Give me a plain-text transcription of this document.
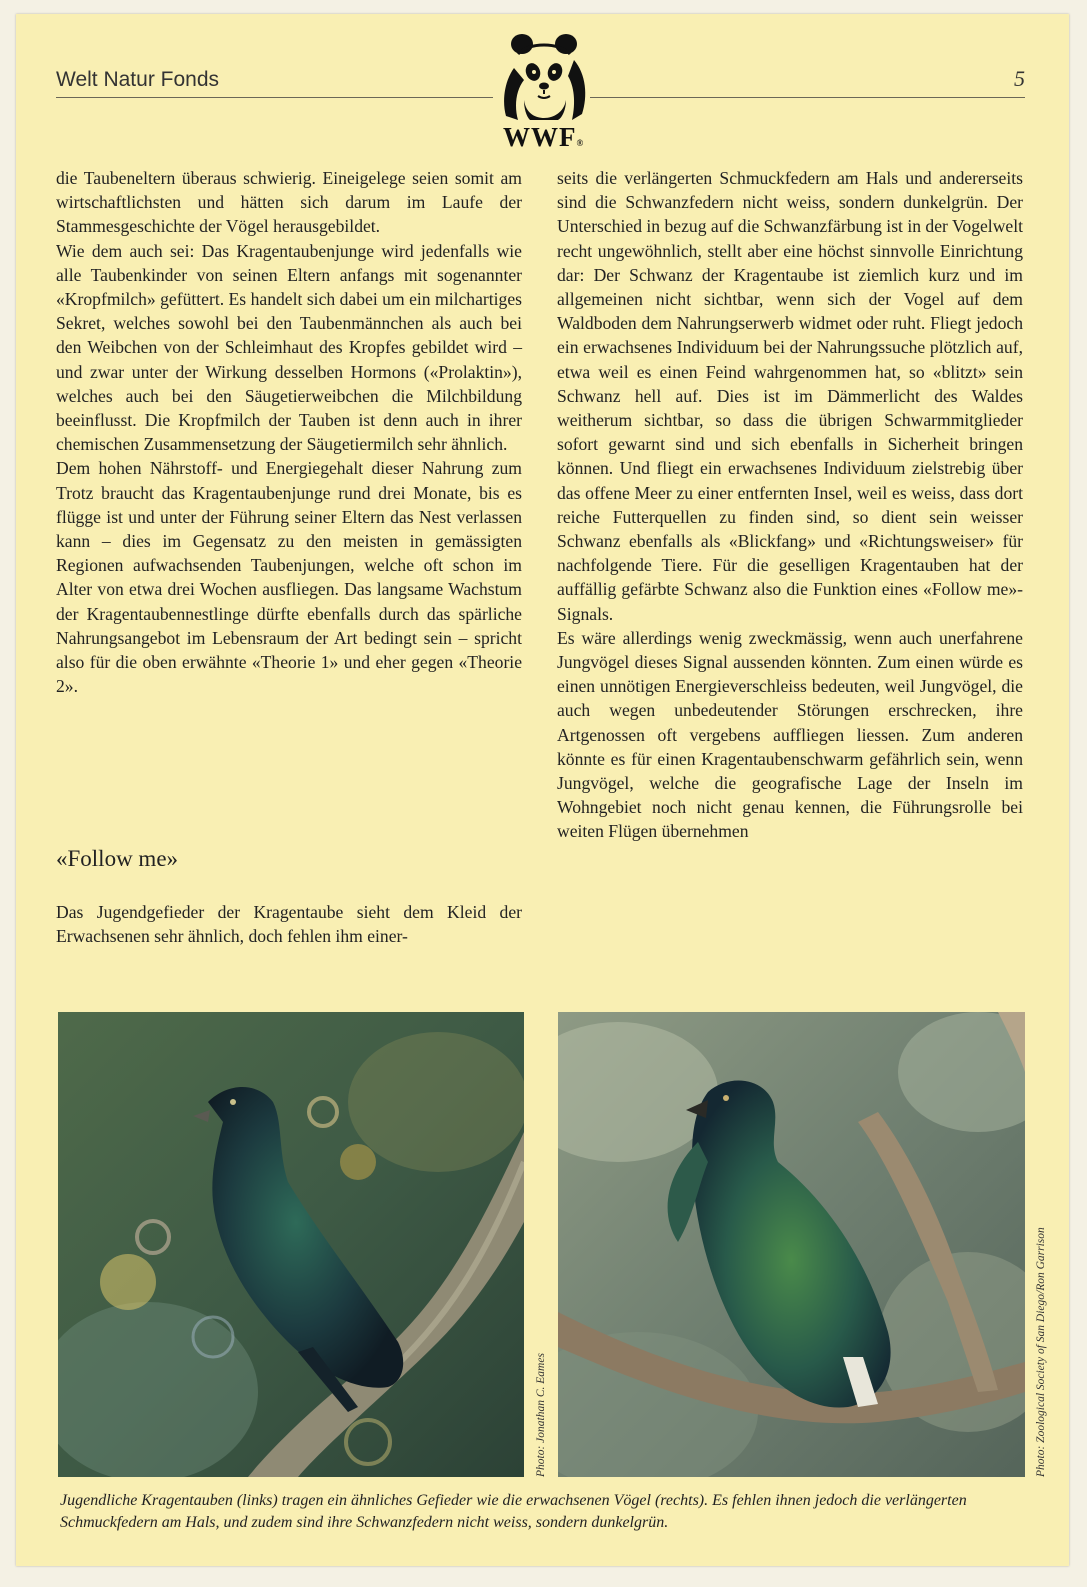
Welt Natur Fonds	5
WWF®

die Taubeneltern überaus schwierig. Eineigelege seien somit am wirtschaftlichsten und hätten sich darum im Laufe der Stammesgeschichte der Vögel herausgebildet.

Wie dem auch sei: Das Kragentaubenjunge wird jedenfalls wie alle Taubenkinder von seinen Eltern anfangs mit sogenannter «Kropfmilch» gefüttert. Es handelt sich dabei um ein milchartiges Sekret, welches sowohl bei den Taubenmännchen als auch bei den Weibchen von der Schleimhaut des Kropfes gebildet wird – und zwar unter der Wirkung desselben Hormons («Prolaktin»), welches auch bei den Säugetierweibchen die Milchbildung beeinflusst. Die Kropfmilch der Tauben ist denn auch in ihrer chemischen Zusammensetzung der Säugetiermilch sehr ähnlich.

Dem hohen Nährstoff- und Energiegehalt dieser Nahrung zum Trotz braucht das Kragentaubenjunge rund drei Monate, bis es flügge ist und unter der Führung seiner Eltern das Nest verlassen kann – dies im Gegensatz zu den meisten in gemässigten Regionen aufwachsenden Taubenjungen, welche oft schon im Alter von etwa drei Wochen ausfliegen. Das langsame Wachstum der Kragentaubennestlinge dürfte ebenfalls durch das spärliche Nahrungsangebot im Lebensraum der Art bedingt sein – spricht also für die oben erwähnte «Theorie 1» und eher gegen «Theorie 2».

«Follow me»

Das Jugendgefieder der Kragentaube sieht dem Kleid der Erwachsenen sehr ähnlich, doch fehlen ihm einer-

seits die verlängerten Schmuckfedern am Hals und andererseits sind die Schwanzfedern nicht weiss, sondern dunkelgrün. Der Unterschied in bezug auf die Schwanzfärbung ist in der Vogelwelt recht ungewöhnlich, stellt aber eine höchst sinnvolle Einrichtung dar: Der Schwanz der Kragentaube ist ziemlich kurz und im allgemeinen nicht sichtbar, wenn sich der Vogel auf dem Waldboden dem Nahrungserwerb widmet oder ruht. Fliegt jedoch ein erwachsenes Individuum bei der Nahrungssuche plötzlich auf, etwa weil es einen Feind wahrgenommen hat, so «blitzt» sein Schwanz hell auf. Dies ist im Dämmerlicht des Waldes weitherum sichtbar, so dass die übrigen Schwarmmitglieder sofort gewarnt sind und sich ebenfalls in Sicherheit bringen können. Und fliegt ein erwachsenes Individuum zielstrebig über das offene Meer zu einer entfernten Insel, weil es weiss, dass dort reiche Futterquellen zu finden sind, so dient sein weisser Schwanz ebenfalls als «Blickfang» und «Richtungsweiser» für nachfolgende Tiere. Für die geselligen Kragentauben hat der auffällig gefärbte Schwanz also die Funktion eines «Follow me»-Signals.

Es wäre allerdings wenig zweckmässig, wenn auch unerfahrene Jungvögel dieses Signal aussenden könnten. Zum einen würde es einen unnötigen Energieverschleiss bedeuten, weil Jungvögel, die auch wegen unbedeutender Störungen erschrecken, ihre Artgenossen oft vergebens auffliegen liessen. Zum anderen könnte es für einen Kragentaubenschwarm gefährlich sein, wenn Jungvögel, welche die geografische Lage der Inseln im Wohngebiet noch nicht genau kennen, die Führungsrolle bei weiten Flügen übernehmen

Photo: Jonathan C. Eames	Photo: Zoological Society of San Diego/Ron Garrison
Jugendliche Kragentauben (links) tragen ein ähnliches Gefieder wie die erwachsenen Vögel (rechts). Es fehlen ihnen jedoch die verlängerten Schmuckfedern am Hals, und zudem sind ihre Schwanzfedern nicht weiss, sondern dunkelgrün.
